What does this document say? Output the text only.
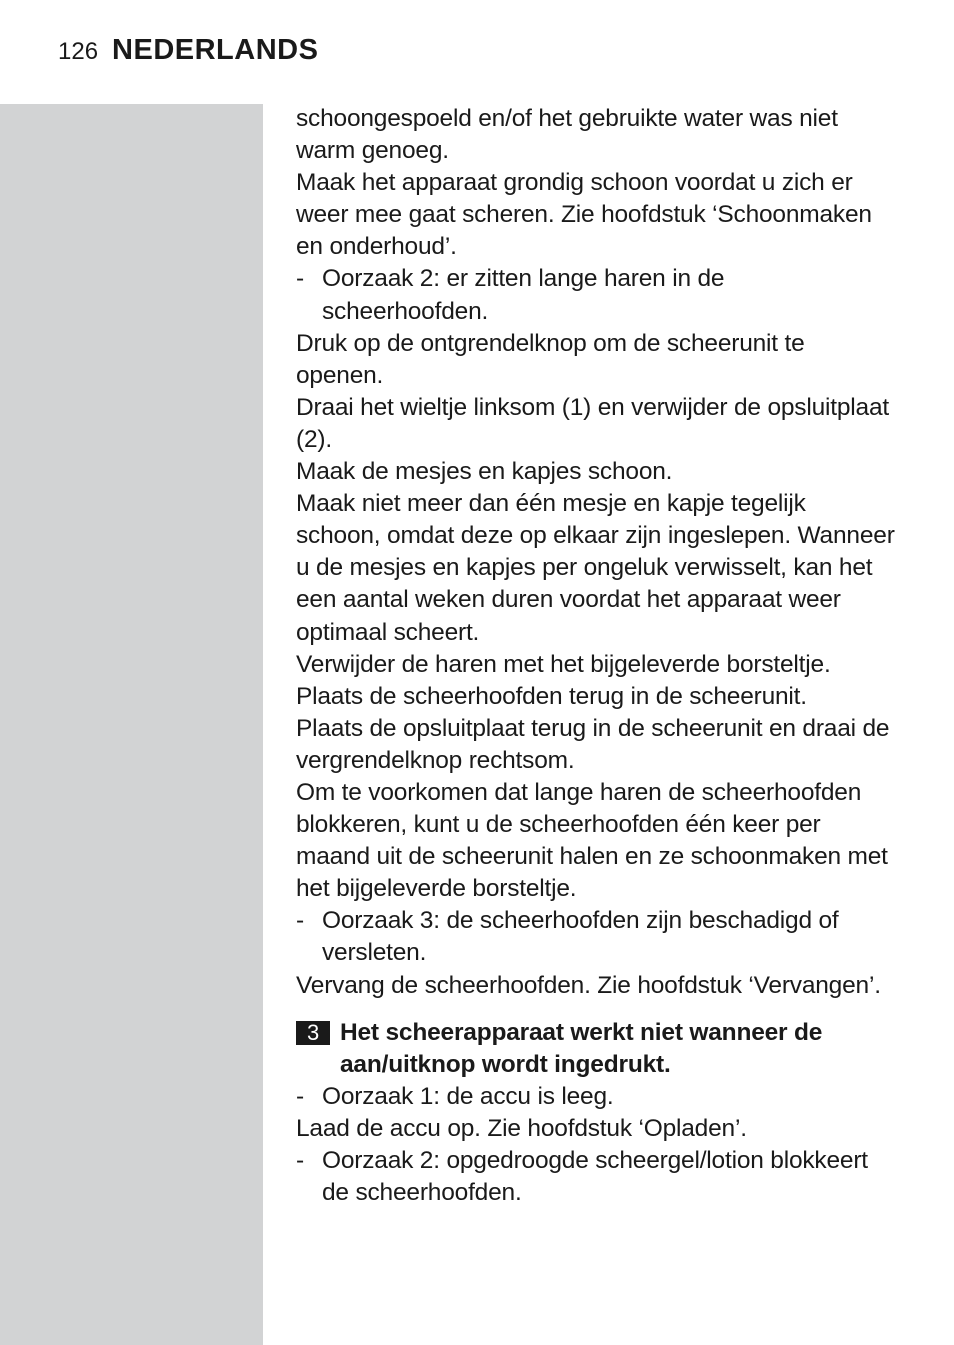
126 NEDERLANDS

schoongespoeld en/of het gebruikte water was niet warm genoeg.

Maak het apparaat grondig schoon voordat u zich er weer mee gaat scheren. Zie hoofdstuk ‘Schoonmaken en onderhoud’.

- Oorzaak 2: er zitten lange haren in de scheerhoofden.

Druk op de ontgrendelknop om de scheerunit te openen.

Draai het wieltje linksom (1) en verwijder de opsluitplaat (2).

Maak de mesjes en kapjes schoon.

Maak niet meer dan één mesje en kapje tegelijk schoon, omdat deze op elkaar zijn ingeslepen. Wanneer u de mesjes en kapjes per ongeluk verwisselt, kan het een aantal weken duren voordat het apparaat weer optimaal scheert.

Verwijder de haren met het bijgeleverde borsteltje.

Plaats de scheerhoofden terug in de scheerunit.

Plaats de opsluitplaat terug in de scheerunit en draai de vergrendelknop rechtsom.

Om te voorkomen dat lange haren de scheerhoofden blokkeren, kunt u de scheerhoofden één keer per maand uit de scheerunit halen en ze schoonmaken met het bijgeleverde borsteltje.

- Oorzaak 3: de scheerhoofden zijn beschadigd of versleten.

Vervang de scheerhoofden. Zie hoofdstuk ‘Vervangen’.

3 Het scheerapparaat werkt niet wanneer de aan/uitknop wordt ingedrukt.
- Oorzaak 1: de accu is leeg.

Laad de accu op. Zie hoofdstuk ‘Opladen’.

- Oorzaak 2: opgedroogde scheergel/lotion blokkeert de scheerhoofden.
